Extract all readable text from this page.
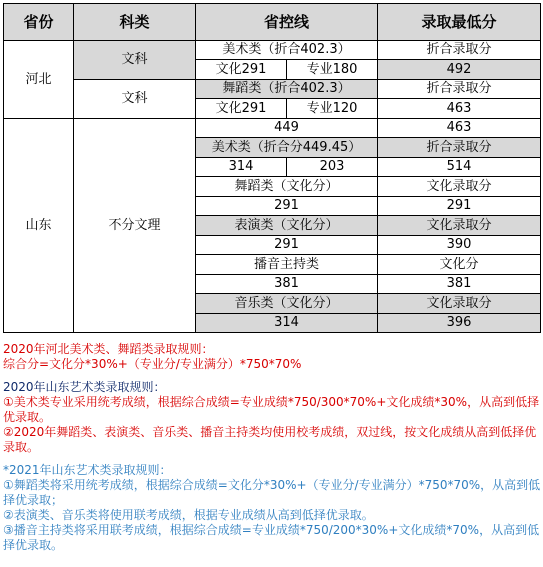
省份	科类	省控线		录取最低分
河北	文科	美术类（折合402.3）		折合录取分
		文化291	专业180	492
	文科	舞蹈类（折合402.3）		折合录取分
		文化291	专业120	463
山东	不分文理	449		463
		美术类（折合分449.45）		折合录取分
		314	203	514
		舞蹈类（文化分）		文化录取分
		291		291
		表演类（文化分）		文化录取分
		291		390
		播音主持类		文化分
		381		381
		音乐类（文化分）		文化录取分
		314		396

2020年河北美术类、舞蹈类录取规则：

综合分=文化分*30%+（专业分/专业满分）*750*70%

2020年山东艺术类录取规则：

①美术类专业采用统考成绩，根据综合成绩=专业成绩*750/300*70%+文化成绩*30%，从高到低择优录取。

②2020年舞蹈类、表演类、音乐类、播音主持类均使用校考成绩，双过线，按文化成绩从高到低择优录取。

*2021年山东艺术类录取规则：

①舞蹈类将采用统考成绩，根据综合成绩=文化分*30%+（专业分/专业满分）*750*70%，从高到低择优录取；

②表演类、音乐类将使用联考成绩，根据专业成绩从高到低择优录取。

③播音主持类将采用联考成绩，根据综合成绩=专业成绩*750/200*30%+文化成绩*70%，从高到低择优录取。
